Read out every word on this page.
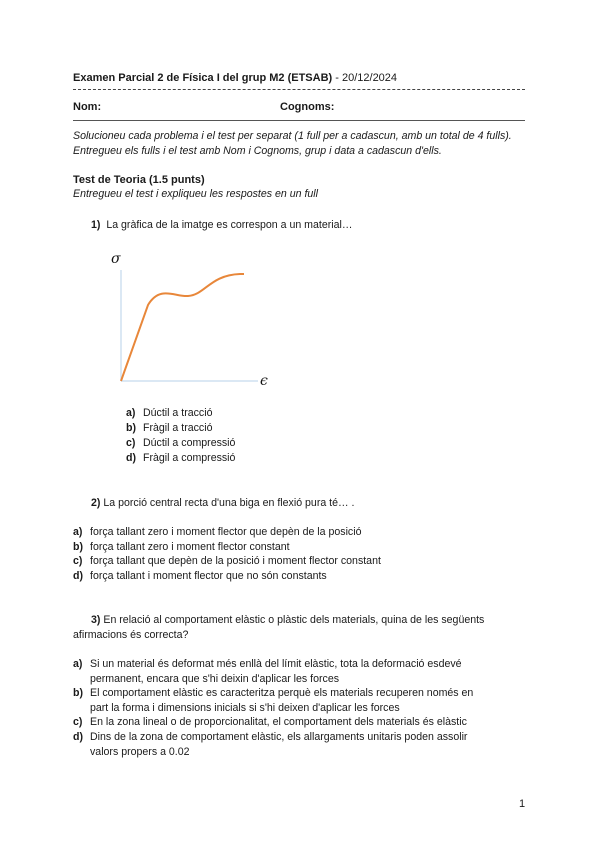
Examen Parcial 2 de Física I del grup M2 (ETSAB) - 20/12/2024
Nom:	Cognoms:
Solucioneu cada problema i el test per separat (1 full per a cadascun, amb un total de 4 fulls). Entregueu els fulls i el test amb Nom i Cognoms, grup i data a cadascun d'ells.
Test de Teoria (1.5 punts)
Entregueu el test i expliqueu les respostes en un full
1) La gràfica de la imatge es correspon a un material…
σ
ϵ
a) Dúctil a tracció
b) Fràgil a tracció
c) Dúctil a compressió
d) Fràgil a compressió
2) La porció central recta d'una biga en flexió pura té… .
a) força tallant zero i moment flector que depèn de la posició
b) força tallant zero i moment flector constant
c) força tallant que depèn de la posició i moment flector constant
d) força tallant i moment flector que no són constants
3) En relació al comportament elàstic o plàstic dels materials, quina de les següents
afirmacions és correcta?
a) Si un material és deformat més enllà del límit elàstic, tota la deformació esdevé
permanent, encara que s'hi deixin d'aplicar les forces
b) El comportament elàstic es caracteritza perquè els materials recuperen només en
part la forma i dimensions inicials si s'hi deixen d'aplicar les forces
c) En la zona lineal o de proporcionalitat, el comportament dels materials és elàstic
d) Dins de la zona de comportament elàstic, els allargaments unitaris poden assolir
valors propers a 0.02
1
